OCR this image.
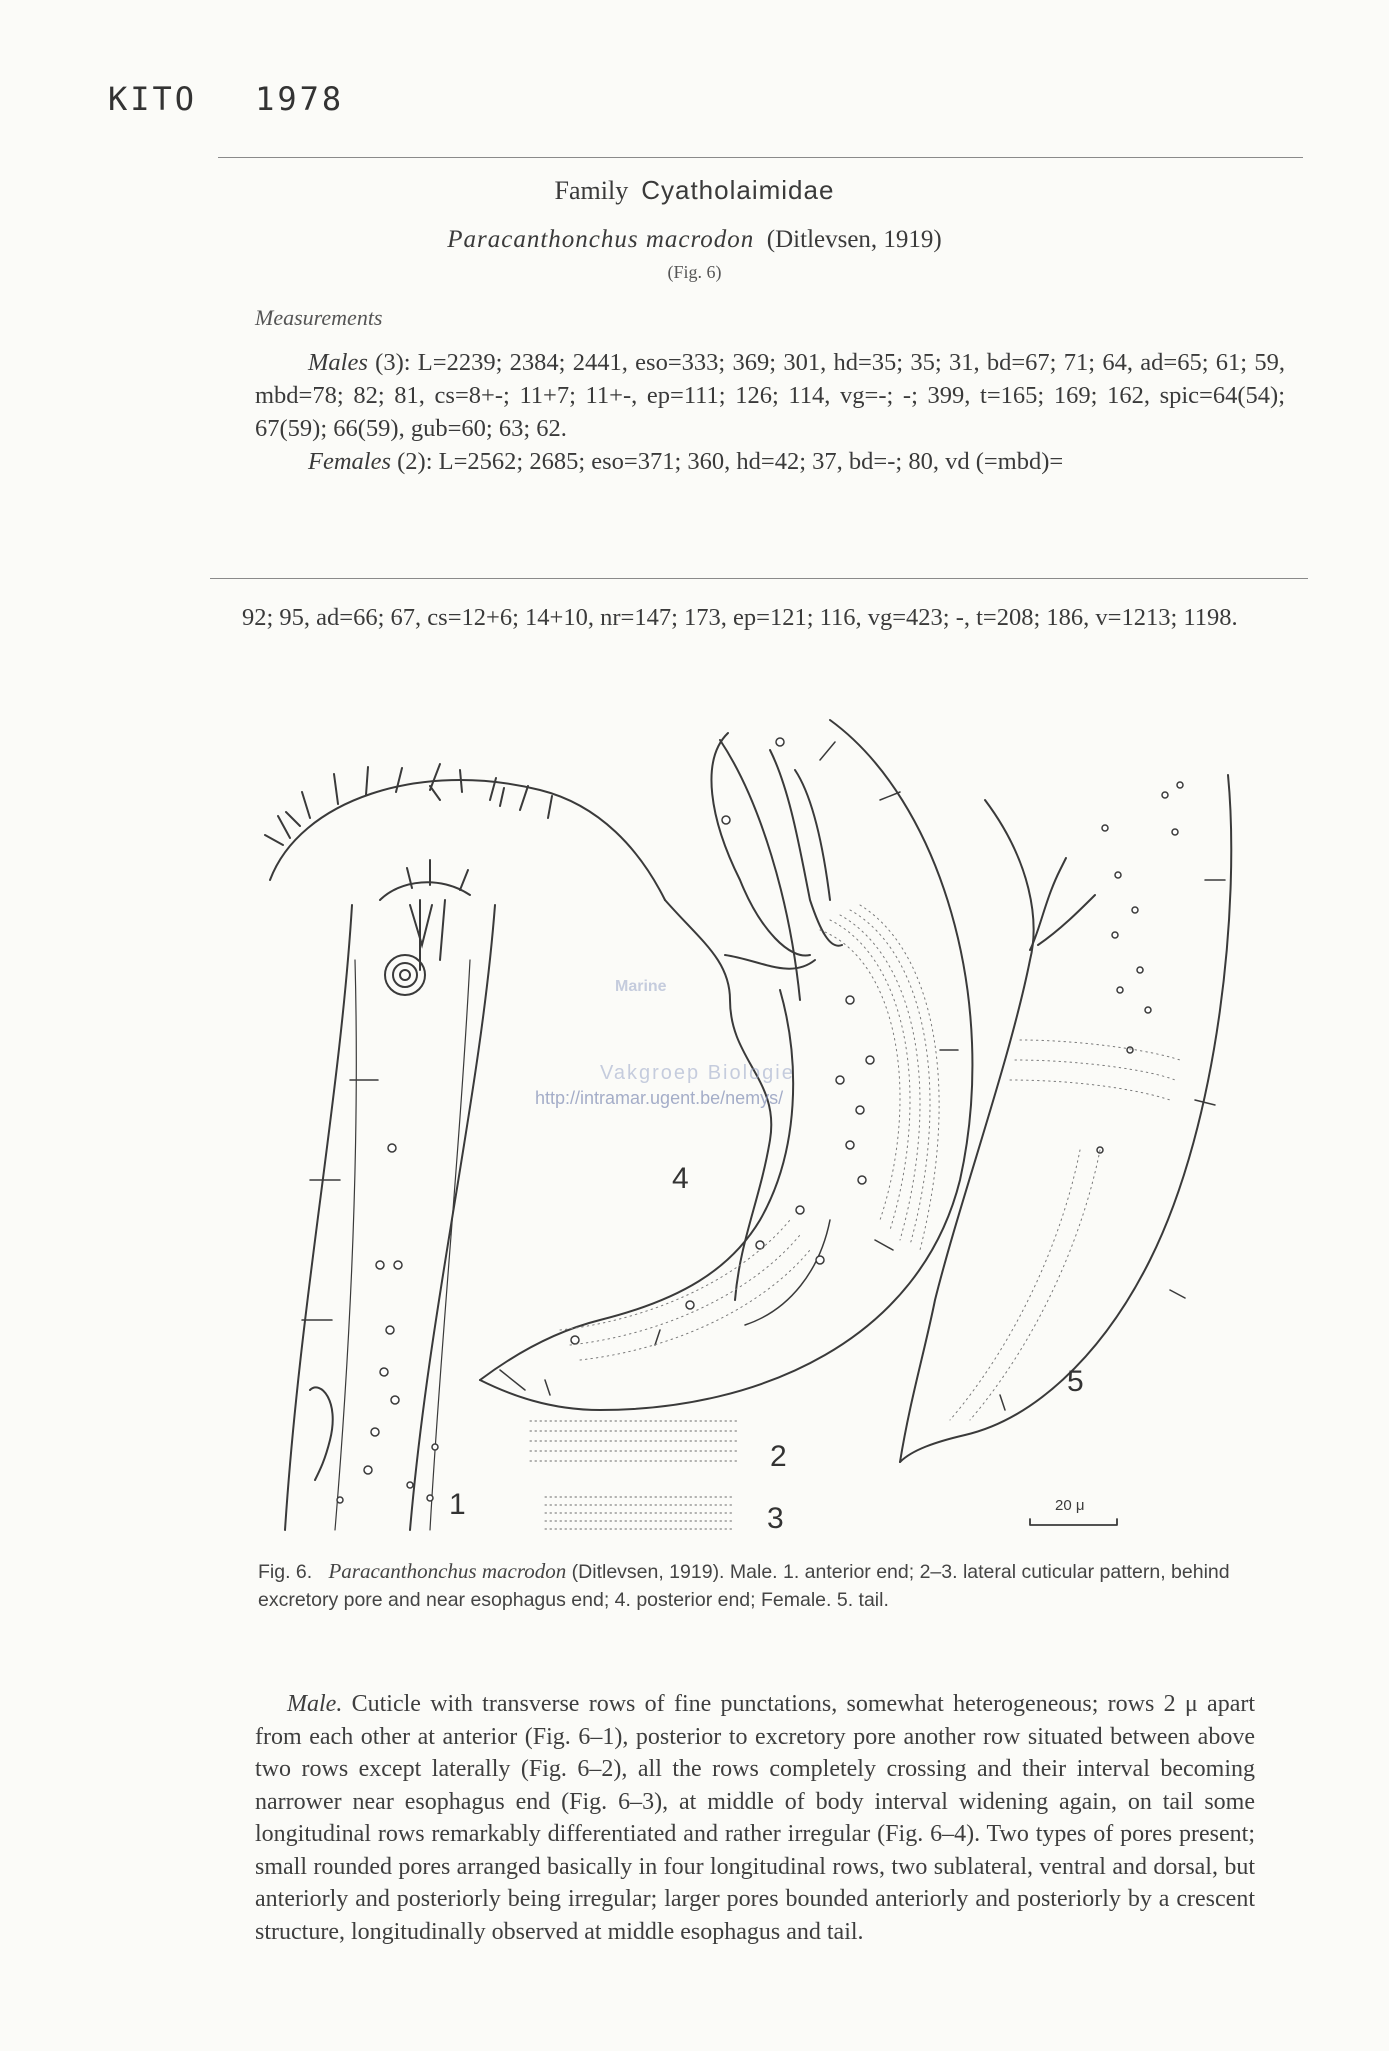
KITO 1978
Family Cyatholaimidae
Paracanthonchus macrodon (Ditlevsen, 1919)
(Fig. 6)
Measurements
Males (3): L=2239; 2384; 2441, eso=333; 369; 301, hd=35; 35; 31, bd=67; 71; 64, ad=65; 61; 59, mbd=78; 82; 81, cs=8+-; 11+7; 11+-, ep=111; 126; 114, vg=-; -; 399, t=165; 169; 162, spic=64(54); 67(59); 66(59), gub=60; 63; 62.
Females (2): L=2562; 2685; eso=371; 360, hd=42; 37, bd=-; 80, vd (=mbd)=
92; 95, ad=66; 67, cs=12+6; 14+10, nr=147; 173, ep=121; 116, vg=423; -, t=208; 186, v=1213; 1198.
Marine
Vakgroep Biologie
http://intramar.ugent.be/nemys/
1
2
3
4
5
20 μ
Fig. 6. Paracanthonchus macrodon (Ditlevsen, 1919). Male. 1. anterior end; 2–3. lateral cuticular pattern, behind excretory pore and near esophagus end; 4. posterior end; Female. 5. tail.
Male. Cuticle with transverse rows of fine punctations, somewhat heterogeneous; rows 2 μ apart from each other at anterior (Fig. 6–1), posterior to excretory pore another row situated between above two rows except laterally (Fig. 6–2), all the rows completely crossing and their interval becoming narrower near esophagus end (Fig. 6–3), at middle of body interval widening again, on tail some longitudinal rows remarkably differentiated and rather irregular (Fig. 6–4). Two types of pores present; small rounded pores arranged basically in four longitudinal rows, two sublateral, ventral and dorsal, but anteriorly and posteriorly being irregular; larger pores bounded anteriorly and posteriorly by a crescent structure, longitudinally observed at middle esophagus and tail.
